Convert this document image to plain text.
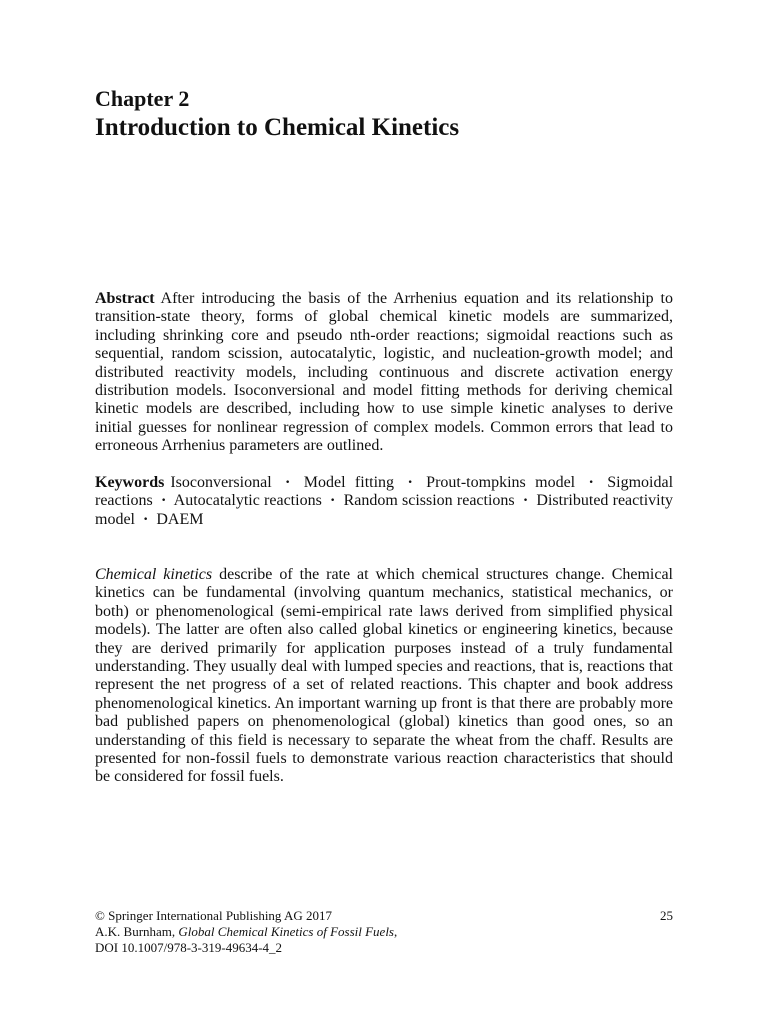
Chapter 2
Introduction to Chemical Kinetics
Abstract After introducing the basis of the Arrhenius equation and its relationship to transition-state theory, forms of global chemical kinetic models are summarized, including shrinking core and pseudo nth-order reactions; sigmoidal reactions such as sequential, random scission, autocatalytic, logistic, and nucleation-growth model; and distributed reactivity models, including continuous and discrete activation energy distribution models. Isoconversional and model fitting methods for deriving chemical kinetic models are described, including how to use simple kinetic analyses to derive initial guesses for nonlinear regression of complex models. Common errors that lead to erroneous Arrhenius parameters are outlined.
Keywords Isoconversional · Model fitting · Prout-tompkins model · Sigmoidal reactions · Autocatalytic reactions · Random scission reactions · Distributed reactivity model · DAEM
Chemical kinetics describe of the rate at which chemical structures change. Chemical kinetics can be fundamental (involving quantum mechanics, statistical mechanics, or both) or phenomenological (semi-empirical rate laws derived from simplified physical models). The latter are often also called global kinetics or engineering kinetics, because they are derived primarily for application purposes instead of a truly fundamental understanding. They usually deal with lumped species and reactions, that is, reactions that represent the net progress of a set of related reactions. This chapter and book address phenomenological kinetics. An important warning up front is that there are probably more bad published papers on phenomenological (global) kinetics than good ones, so an understanding of this field is necessary to separate the wheat from the chaff. Results are presented for non-fossil fuels to demonstrate various reaction characteristics that should be considered for fossil fuels.
© Springer International Publishing AG 2017
A.K. Burnham, Global Chemical Kinetics of Fossil Fuels,
DOI 10.1007/978-3-319-49634-4_2
25
